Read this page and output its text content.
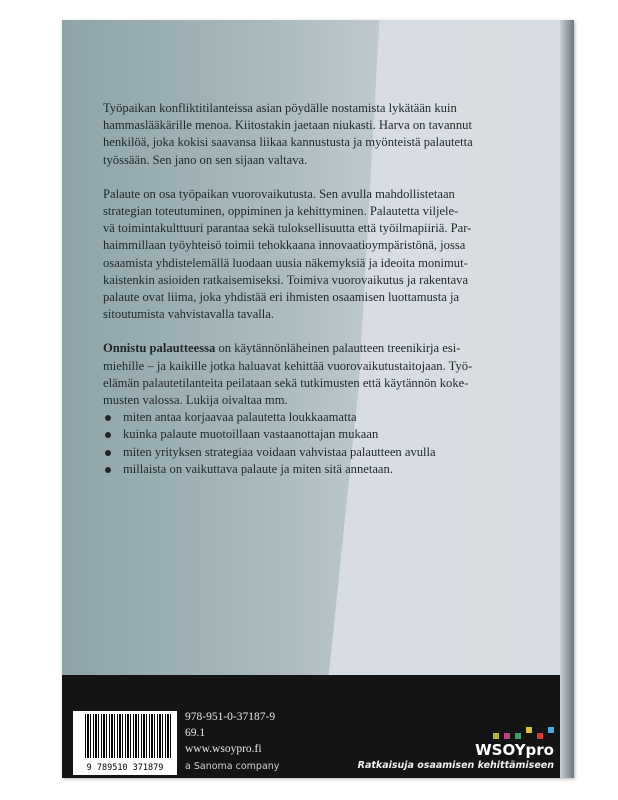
Työpaikan konfliktitilanteissa asian pöydälle nostamista lykätään kuin
hammaslääkärille menoa. Kiitostakin jaetaan niukasti. Harva on tavannut
henkilöä, joka kokisi saavansa liikaa kannustusta ja myönteistä palautetta
työssään. Sen jano on sen sijaan valtava.

Palaute on osa työpaikan vuorovaikutusta. Sen avulla mahdollistetaan
strategian toteutuminen, oppiminen ja kehittyminen. Palautetta viljele-
vä toimintakulttuuri parantaa sekä tuloksellisuutta että työilmapiiriä. Par-
haimmillaan työyhteisö toimii tehokkaana innovaatioympäristönä, jossa
osaamista yhdistelemällä luodaan uusia näkemyksiä ja ideoita monimut-
kaistenkin asioiden ratkaisemiseksi. Toimiva vuorovaikutus ja rakentava
palaute ovat liima, joka yhdistää eri ihmisten osaamisen luottamusta ja
sitoutumista vahvistavalla tavalla.

Onnistu palautteessa on käytännönläheinen palautteen treenikirja esi-
miehille – ja kaikille jotka haluavat kehittää vuorovaikutustaitojaan. Työ-
elämän palautetilanteita peilataan sekä tutkimusten että käytännön koke-
musten valossa. Lukija oivaltaa mm.

miten antaa korjaavaa palautetta loukkaamatta
kuinka palaute muotoillaan vastaanottajan mukaan
miten yrityksen strategiaa voidaan vahvistaa palautteen avulla
millaista on vaikuttava palaute ja miten sitä annetaan.
9 789510 371879
978-951-0-37187-9
69.1
www.wsoypro.fi
a Sanoma company
WSOYpro
Ratkaisuja osaamisen kehittämiseen
